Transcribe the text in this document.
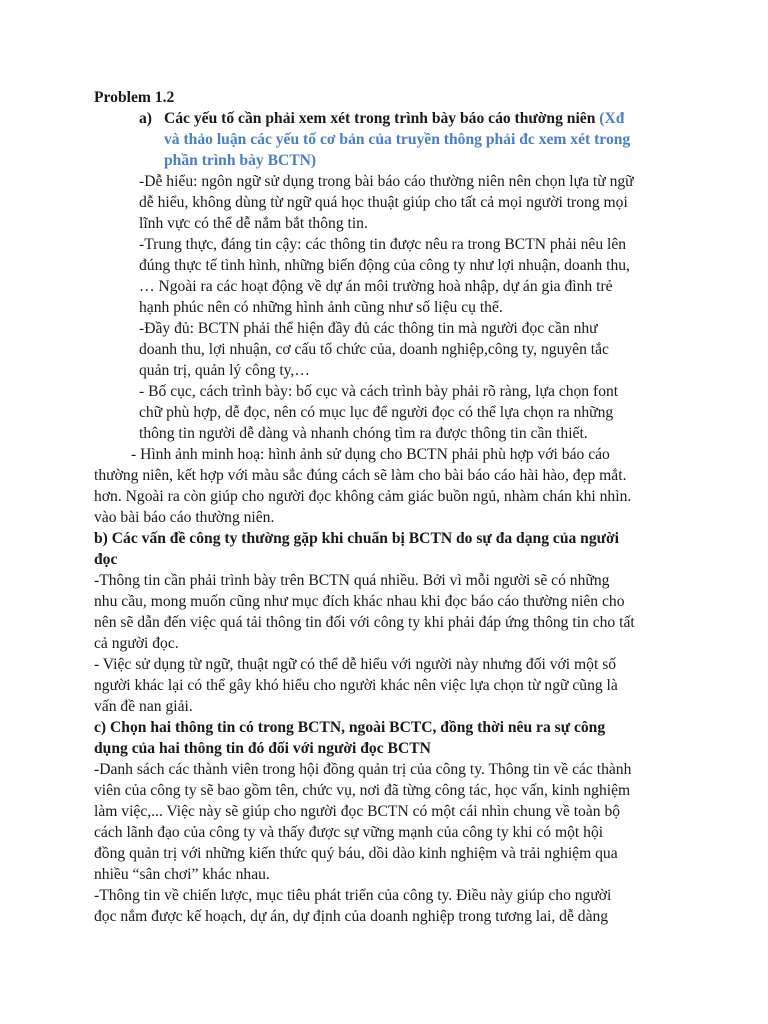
Problem 1.2
a) Các yếu tố cần phải xem xét trong trình bày báo cáo thường niên (Xđ
và thảo luận các yếu tố cơ bản của truyền thông phải đc xem xét trong
phần trình bày BCTN)
-Dễ hiểu: ngôn ngữ sử dụng trong bài báo cáo thường niên nên chọn lựa từ ngữ
dễ hiểu, không dùng từ ngữ quá học thuật giúp cho tất cả mọi người trong mọi
lĩnh vực có thể dễ nắm bắt thông tin.
-Trung thực, đáng tin cậy: các thông tin được nêu ra trong BCTN phải nêu lên
đúng thực tế tình hình, những biến động của công ty như lợi nhuận, doanh thu,
… Ngoài ra các hoạt động về dự án môi trường hoà nhập, dự án gia đình trẻ
hạnh phúc nên có những hình ảnh cũng như số liệu cụ thể.
-Đầy đủ: BCTN phải thể hiện đầy đủ các thông tin mà người đọc cần như
doanh thu, lợi nhuận, cơ cấu tổ chức của, doanh nghiệp,công ty, nguyên tắc
quản trị, quản lý công ty,…
- Bố cục, cách trình bày: bố cục và cách trình bày phải rõ ràng, lựa chọn font
chữ phù hợp, dễ đọc, nên có mục lục để người đọc có thể lựa chọn ra những
thông tin người dễ dàng và nhanh chóng tìm ra được thông tin cần thiết.
- Hình ảnh minh hoạ: hình ảnh sử dụng cho BCTN phải phù hợp với báo cáo
thường niên, kết hợp với màu sắc đúng cách sẽ làm cho bài báo cáo hài hào, đẹp mắt.
hơn. Ngoài ra còn giúp cho người đọc không cảm giác buồn ngủ, nhàm chán khi nhìn.
vào bài báo cáo thường niên.
b) Các vấn đề công ty thường gặp khi chuẩn bị BCTN do sự đa dạng của người
đọc
-Thông tin cần phải trình bày trên BCTN quá nhiều. Bởi vì mỗi người sẽ có những
nhu cầu, mong muốn cũng như mục đích khác nhau khi đọc báo cáo thường niên cho
nên sẽ dẫn đến việc quá tải thông tin đối với công ty khi phải đáp ứng thông tin cho tất
cả người đọc.
- Việc sử dụng từ ngữ, thuật ngữ có thể dễ hiểu với người này nhưng đối với một số
người khác lại có thể gây khó hiểu cho người khác nên việc lựa chọn từ ngữ cũng là
vấn đề nan giải.
c) Chọn hai thông tin có trong BCTN, ngoài BCTC, đồng thời nêu ra sự công
dụng của hai thông tin đó đối với người đọc BCTN
-Danh sách các thành viên trong hội đồng quản trị của công ty. Thông tin về các thành
viên của công ty sẽ bao gồm tên, chức vụ, nơi đã từng công tác, học vấn, kinh nghiệm
làm việc,... Việc này sẽ giúp cho người đọc BCTN có một cái nhìn chung về toàn bộ
cách lãnh đạo của công ty và thấy được sự vững mạnh của công ty khi có một hội
đồng quản trị với những kiến thức quý báu, dồi dào kinh nghiệm và trải nghiệm qua
nhiều “sân chơi” khác nhau.
-Thông tin về chiến lược, mục tiêu phát triển của công ty. Điều này giúp cho người
đọc nắm được kế hoạch, dự án, dự định của doanh nghiệp trong tương lai, dễ dàng
